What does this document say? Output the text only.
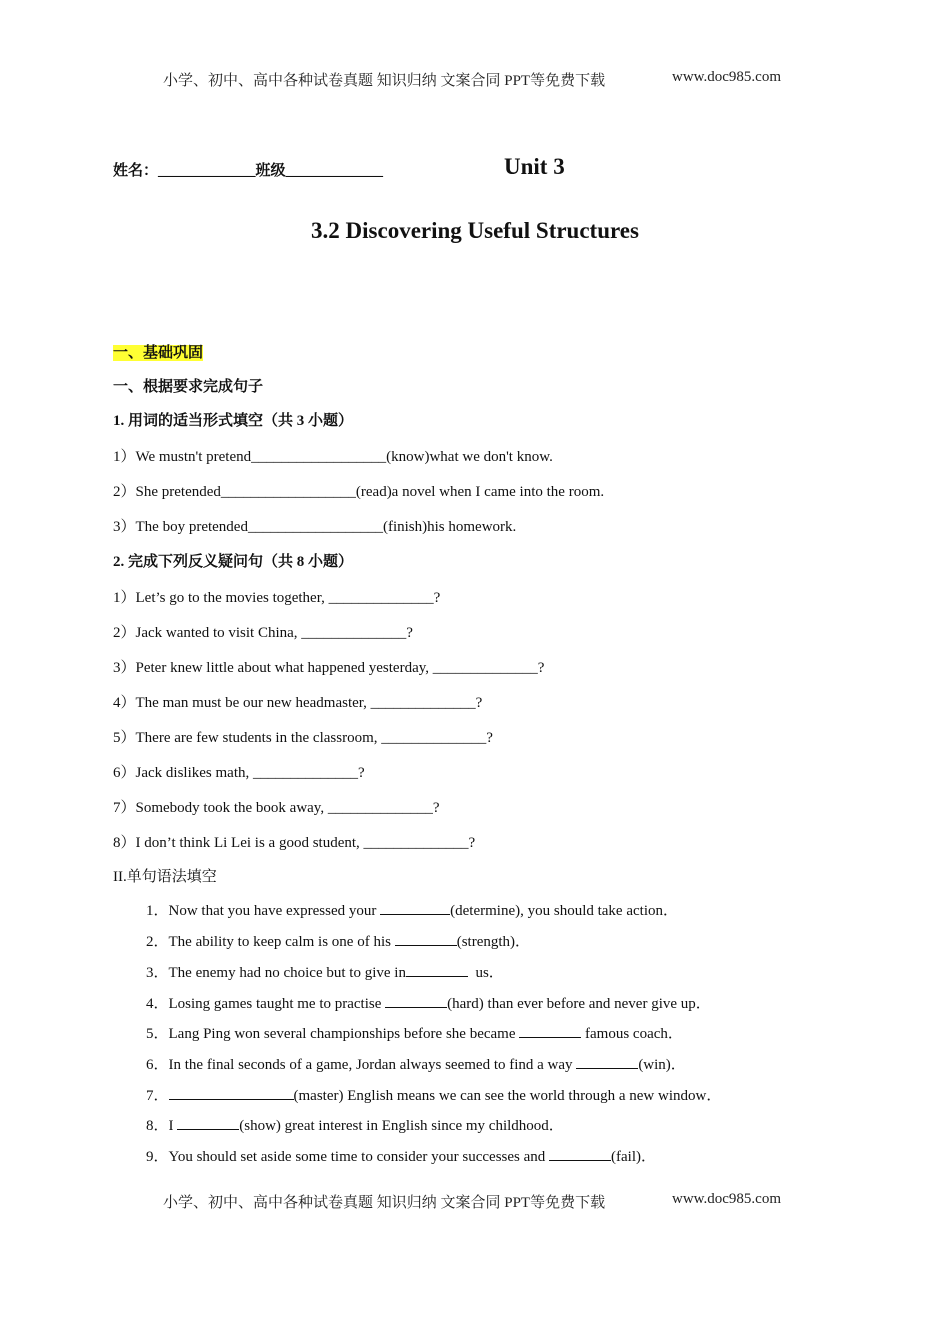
小学、初中、高中各种试卷真题 知识归纳 文案合同 PPT等免费下载	www.doc985.com
姓名：_____________班级_____________	Unit 3
3.2 Discovering Useful Structures
一、基础巩固
一、根据要求完成句子
1. 用词的适当形式填空（共 3 小题）
1）We mustn't pretend__________________(know)what we don't know.
2）She pretended__________________(read)a novel when I came into the room.
3）The boy pretended__________________(finish)his homework.
2. 完成下列反义疑问句（共 8 小题）
1）Let’s go to the movies together, ______________?
2）Jack wanted to visit China, ______________?
3）Peter knew little about what happened yesterday, ______________?
4）The man must be our new headmaster, ______________?
5）There are few students in the classroom, ______________?
6）Jack dislikes math, ______________?
7）Somebody took the book away, ______________?
8）I don’t think Li Lei is a good student, ______________?
II.单句语法填空
1．Now that you have expressed your	(determine), you should take action．
2．The ability to keep calm is one of his	(strength)．
3．The enemy had no choice but to give in	us．
4．Losing games taught me to practise	(hard) than ever before and never give up．
5．Lang Ping won several championships before she became	famous coach．
6．In the final seconds of a game, Jordan always seemed to find a way	(win)．
7．	(master) English means we can see the world through a new window．
8．I	(show) great interest in English since my childhood．
9．You should set aside some time to consider your successes and	(fail)．
小学、初中、高中各种试卷真题 知识归纳 文案合同 PPT等免费下载	www.doc985.com
